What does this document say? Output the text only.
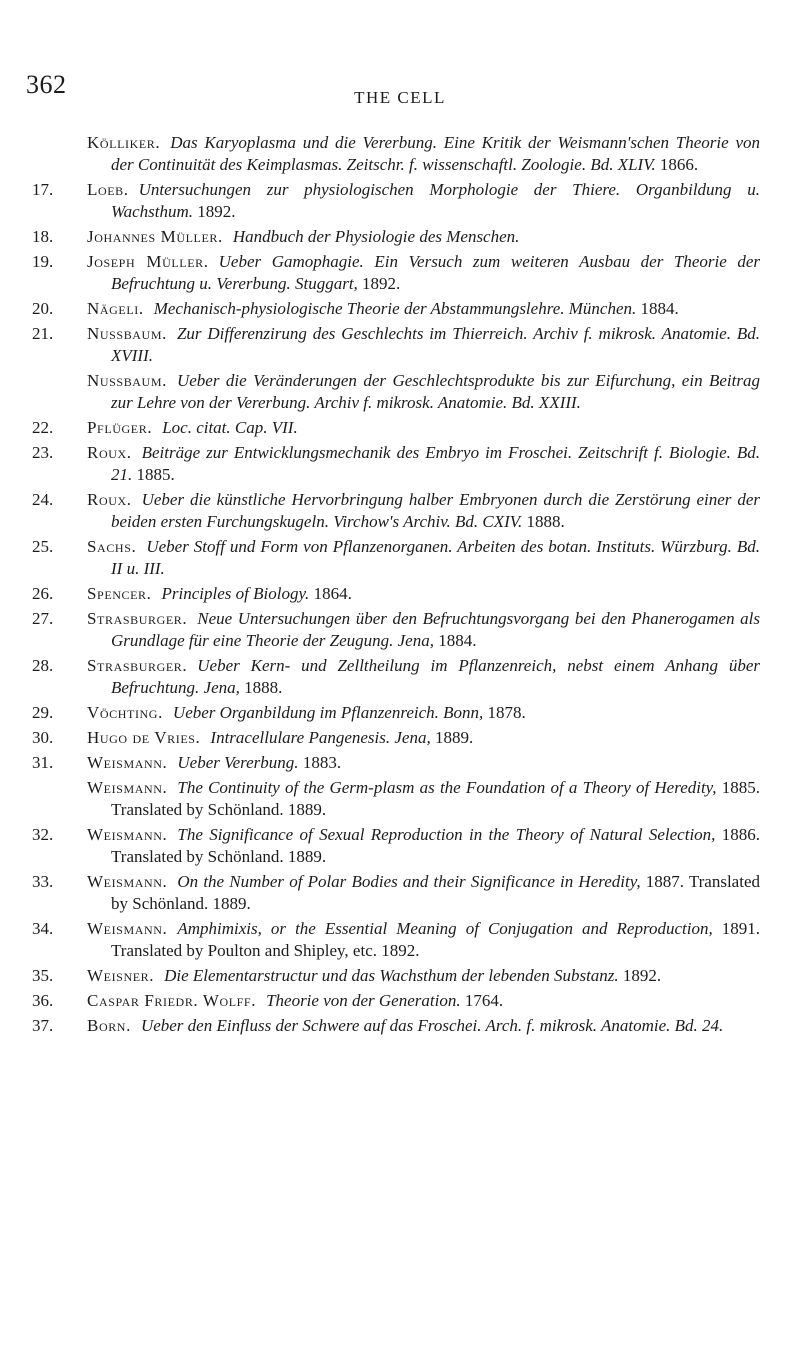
362	THE CELL
Kölliker. Das Karyoplasma und die Vererbung. Eine Kritik der Weismann'schen Theorie von der Continuität des Keimplasmas. Zeitschr. f. wissenschaftl. Zoologie. Bd. XLIV. 1866.
17. Loeb. Untersuchungen zur physiologischen Morphologie der Thiere. Organbildung u. Wachsthum. 1892.
18. Johannes Müller. Handbuch der Physiologie des Menschen.
19. Joseph Müller. Ueber Gamophagie. Ein Versuch zum weiteren Ausbau der Theorie der Befruchtung u. Vererbung. Stuggart, 1892.
20. Nägeli. Mechanisch-physiologische Theorie der Abstammungslehre. München. 1884.
21. Nussbaum. Zur Differenzirung des Geschlechts im Thierreich. Archiv f. mikrosk. Anatomie. Bd. XVIII.
Nussbaum. Ueber die Veränderungen der Geschlechtsprodukte bis zur Eifurchung, ein Beitrag zur Lehre von der Vererbung. Archiv f. mikrosk. Anatomie. Bd. XXIII.
22. Pflüger. Loc. citat. Cap. VII.
23. Roux. Beiträge zur Entwicklungsmechanik des Embryo im Froschei. Zeitschrift f. Biologie. Bd. 21. 1885.
24. Roux. Ueber die künstliche Hervorbringung halber Embryonen durch die Zerstörung einer der beiden ersten Furchungskugeln. Virchow's Archiv. Bd. CXIV. 1888.
25. Sachs. Ueber Stoff und Form von Pflanzenorganen. Arbeiten des botan. Instituts. Würzburg. Bd. II u. III.
26. Spencer. Principles of Biology. 1864.
27. Strasburger. Neue Untersuchungen über den Befruchtungsvorgang bei den Phanerogamen als Grundlage für eine Theorie der Zeugung. Jena, 1884.
28. Strasburger. Ueber Kern- und Zelltheilung im Pflanzenreich, nebst einem Anhang über Befruchtung. Jena, 1888.
29. Vöchting. Ueber Organbildung im Pflanzenreich. Bonn, 1878.
30. Hugo de Vries. Intracellulare Pangenesis. Jena, 1889.
31. Weismann. Ueber Vererbung. 1883.
Weismann. The Continuity of the Germ-plasm as the Foundation of a Theory of Heredity, 1885. Translated by Schönland. 1889.
32. Weismann. The Significance of Sexual Reproduction in the Theory of Natural Selection, 1886. Translated by Schönland. 1889.
33. Weismann. On the Number of Polar Bodies and their Significance in Heredity, 1887. Translated by Schönland. 1889.
34. Weismann. Amphimixis, or the Essential Meaning of Conjugation and Reproduction, 1891. Translated by Poulton and Shipley, etc. 1892.
35. Weisner. Die Elementarstructur und das Wachsthum der lebenden Substanz. 1892.
36. Caspar Friedr. Wolff. Theorie von der Generation. 1764.
37. Born. Ueber den Einfluss der Schwere auf das Froschei. Arch. f. mikrosk. Anatomie. Bd. 24.
